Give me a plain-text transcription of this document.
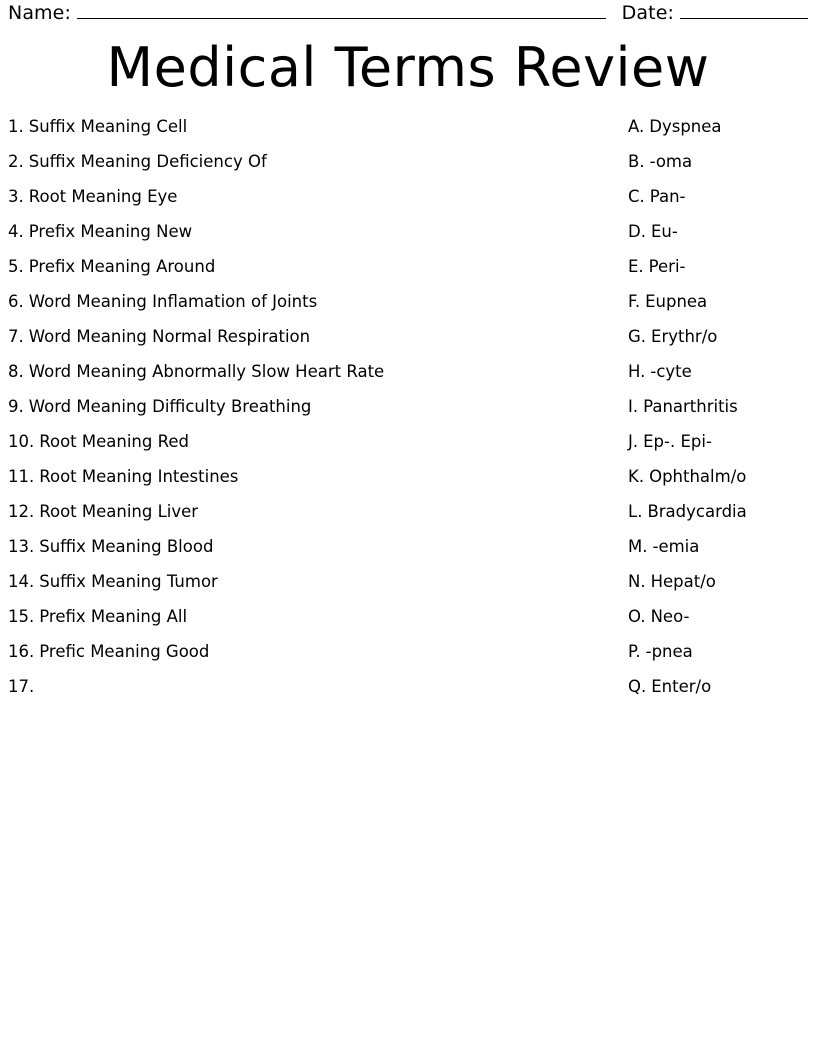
Name:	Date:
Medical Terms Review
1. Suffix Meaning Cell
2. Suffix Meaning Deficiency Of
3. Root Meaning Eye
4. Prefix Meaning New
5. Prefix Meaning Around
6. Word Meaning Inflamation of Joints
7. Word Meaning Normal Respiration
8. Word Meaning Abnormally Slow Heart Rate
9. Word Meaning Difficulty Breathing
10. Root Meaning Red
11. Root Meaning Intestines
12. Root Meaning Liver
13. Suffix Meaning Blood
14. Suffix Meaning Tumor
15. Prefix Meaning All
16. Prefic Meaning Good
17.
A. Dyspnea
B. -oma
C. Pan-
D. Eu-
E. Peri-
F. Eupnea
G. Erythr/o
H. -cyte
I. Panarthritis
J. Ep-. Epi-
K. Ophthalm/o
L. Bradycardia
M. -emia
N. Hepat/o
O. Neo-
P. -pnea
Q. Enter/o
